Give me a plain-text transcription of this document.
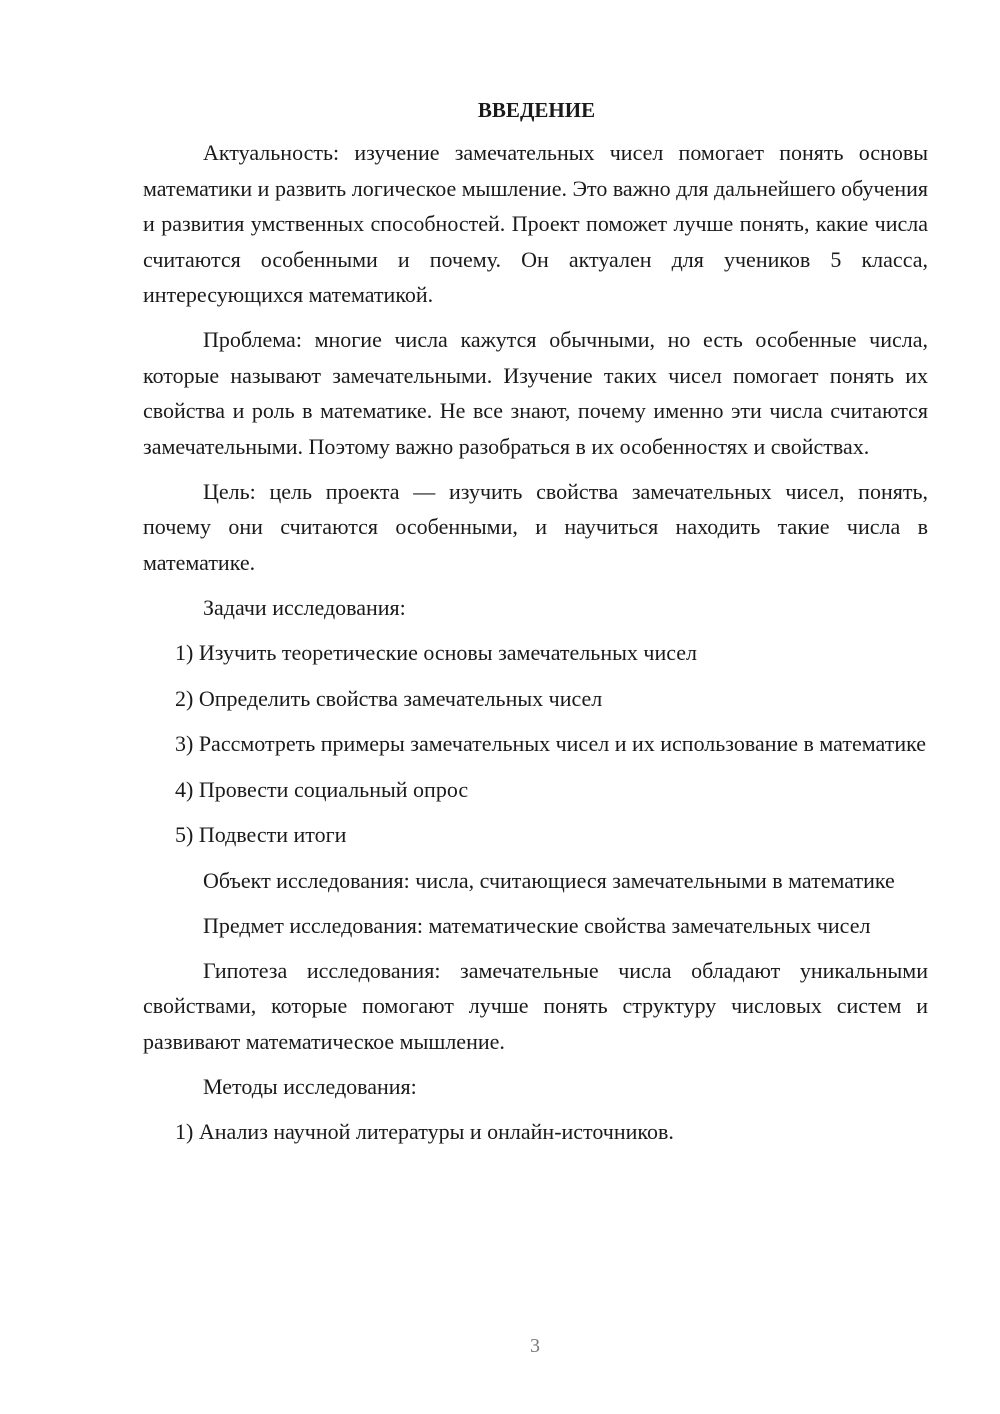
ВВЕДЕНИЕ

Актуальность: изучение замечательных чисел помогает понять основы математики и развить логическое мышление. Это важно для дальнейшего обучения и развития умственных способностей. Проект поможет лучше понять, какие числа считаются особенными и почему. Он актуален для учеников 5 класса, интересующихся математикой.

Проблема: многие числа кажутся обычными, но есть особенные числа, которые называют замечательными. Изучение таких чисел помогает понять их свойства и роль в математике. Не все знают, почему именно эти числа считаются замечательными. Поэтому важно разобраться в их особенностях и свойствах.

Цель: цель проекта — изучить свойства замечательных чисел, понять, почему они считаются особенными, и научиться находить такие числа в математике.

Задачи исследования:

1) Изучить теоретические основы замечательных чисел

2) Определить свойства замечательных чисел

3) Рассмотреть примеры замечательных чисел и их использование в математике

4) Провести социальный опрос

5) Подвести итоги

Объект исследования: числа, считающиеся замечательными в математике

Предмет исследования: математические свойства замечательных чисел

Гипотеза исследования: замечательные числа обладают уникальными свойствами, которые помогают лучше понять структуру числовых систем и развивают математическое мышление.

Методы исследования:

1) Анализ научной литературы и онлайн-источников.

3
